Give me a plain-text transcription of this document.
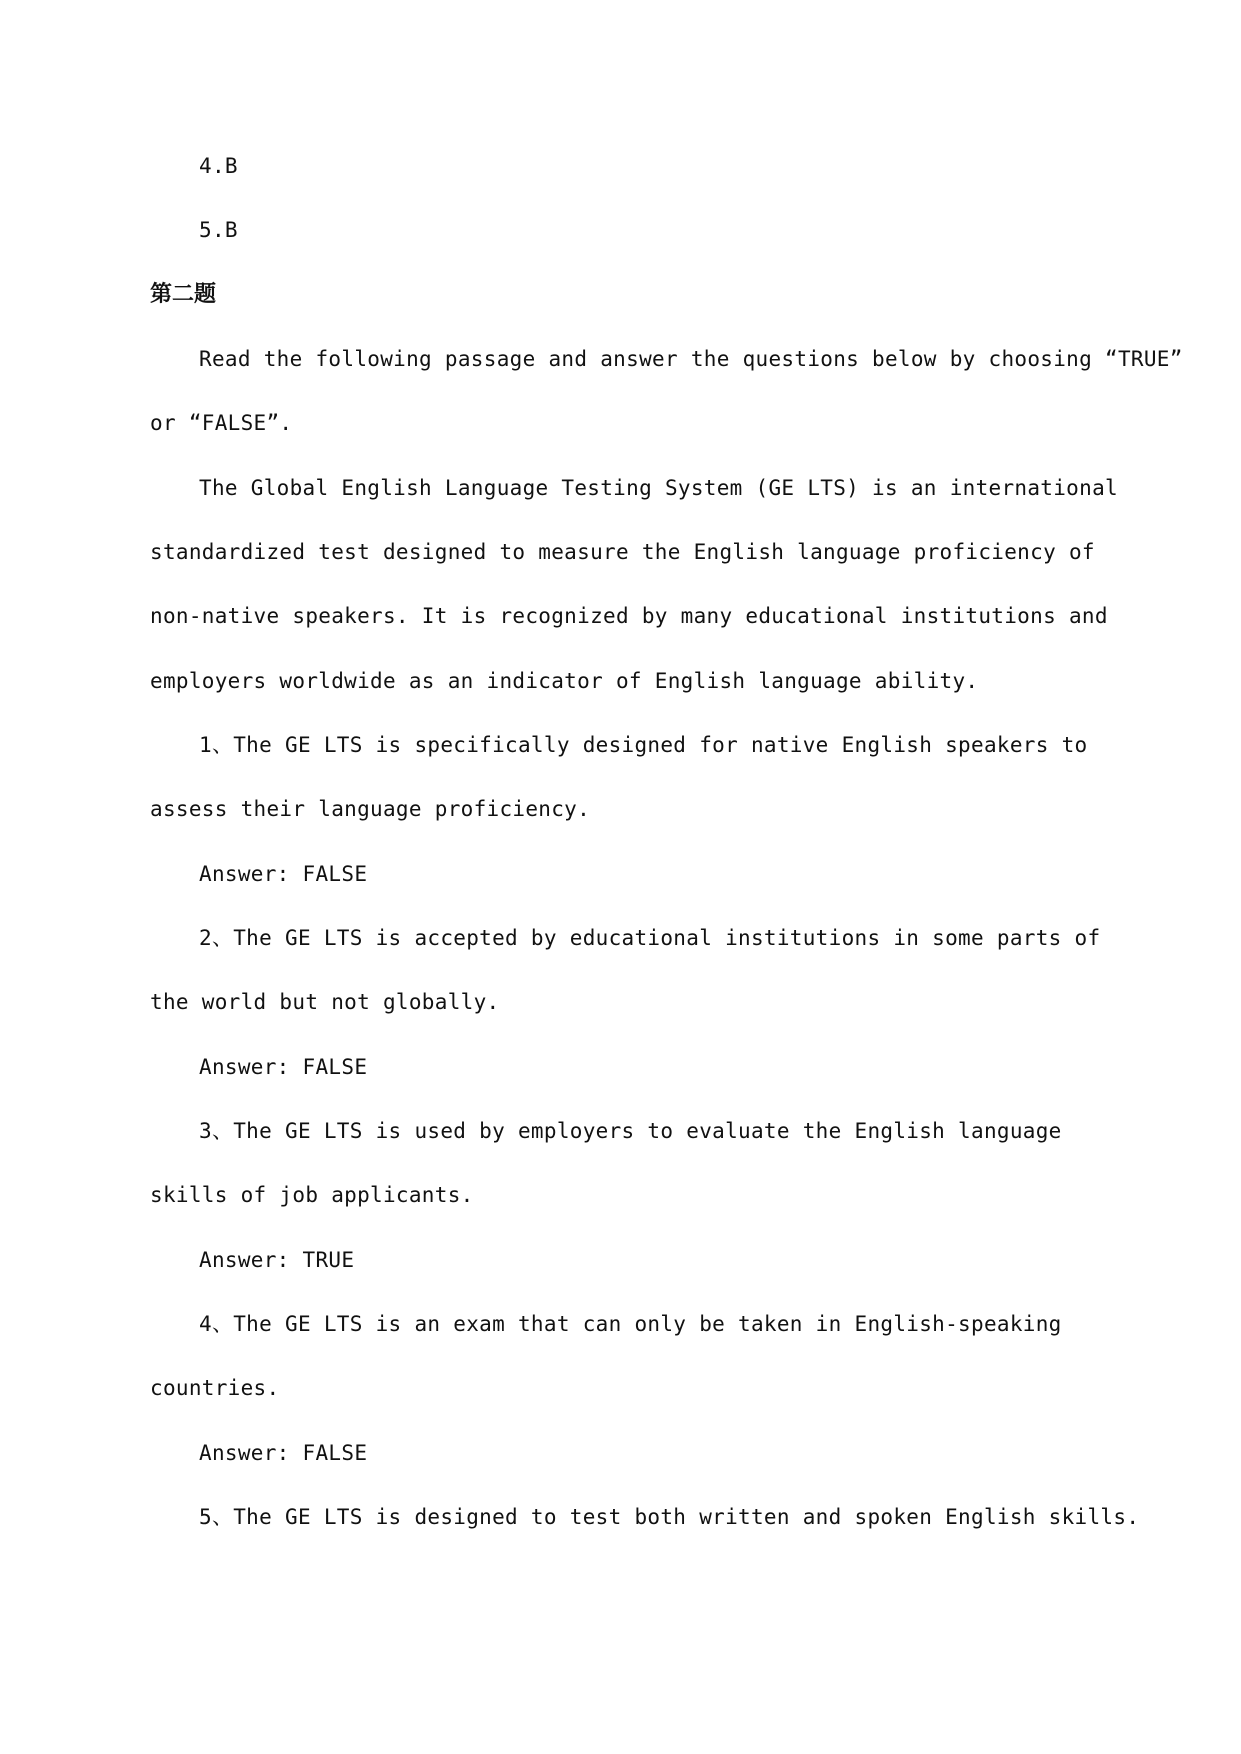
4.B
5.B
第二题
Read the following passage and answer the questions below by choosing “TRUE”
or “FALSE”.
The Global English Language Testing System (GE LTS) is an international
standardized test designed to measure the English language proficiency of
non-native speakers. It is recognized by many educational institutions and
employers worldwide as an indicator of English language ability.
1、The GE LTS is specifically designed for native English speakers to
assess their language proficiency.
Answer: FALSE
2、The GE LTS is accepted by educational institutions in some parts of
the world but not globally.
Answer: FALSE
3、The GE LTS is used by employers to evaluate the English language
skills of job applicants.
Answer: TRUE
4、The GE LTS is an exam that can only be taken in English-speaking
countries.
Answer: FALSE
5、The GE LTS is designed to test both written and spoken English skills.
